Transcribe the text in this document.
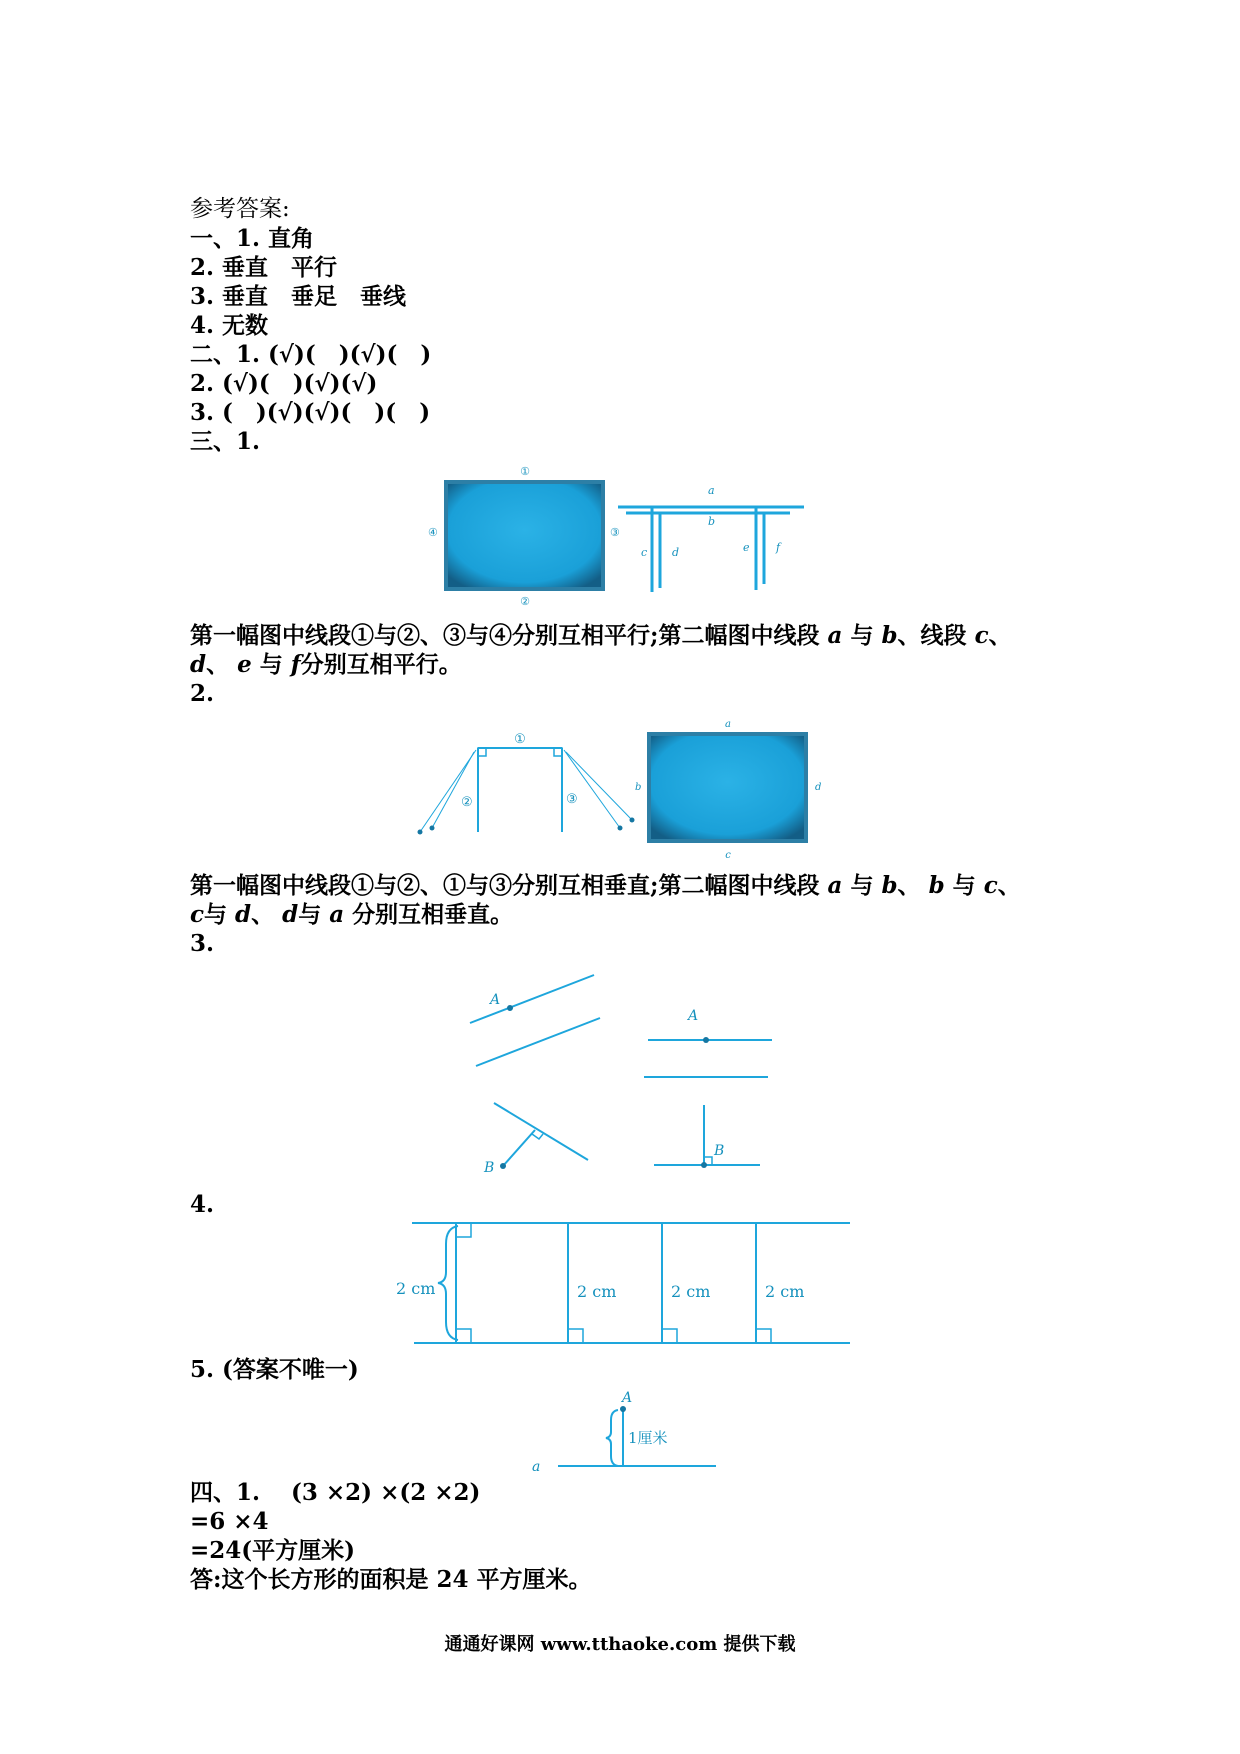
参考答案:
一、1. 直角
2. 垂直　平行
3. 垂直　垂足　垂线
4. 无数
二、1. (√)(　)(√)(　)
2. (√)(　)(√)(√)
3. (　)(√)(√)(　)(　)
三、1.
①
②
③
④
a
b
c d	e f
第一幅图中线段①与②、③与④分别互相平行;第二幅图中线段 a 与 b、线段 c、
d、 e 与 f分别互相平行。
2.
①
②	③
a
b
c
d
第一幅图中线段①与②、①与③分别互相垂直;第二幅图中线段 a 与 b、 b 与 c、
c与 d、 d与 a 分别互相垂直。
3.
A
A
B
B
4.
2 cm	2 cm	2 cm	2 cm
5. (答案不唯一)
A
1厘米
a
四、1.　 (3 ×2) ×(2 ×2)
=6 ×4
=24(平方厘米)
答:这个长方形的面积是 24 平方厘米。
通通好课网 www.tthaoke.com 提供下载
